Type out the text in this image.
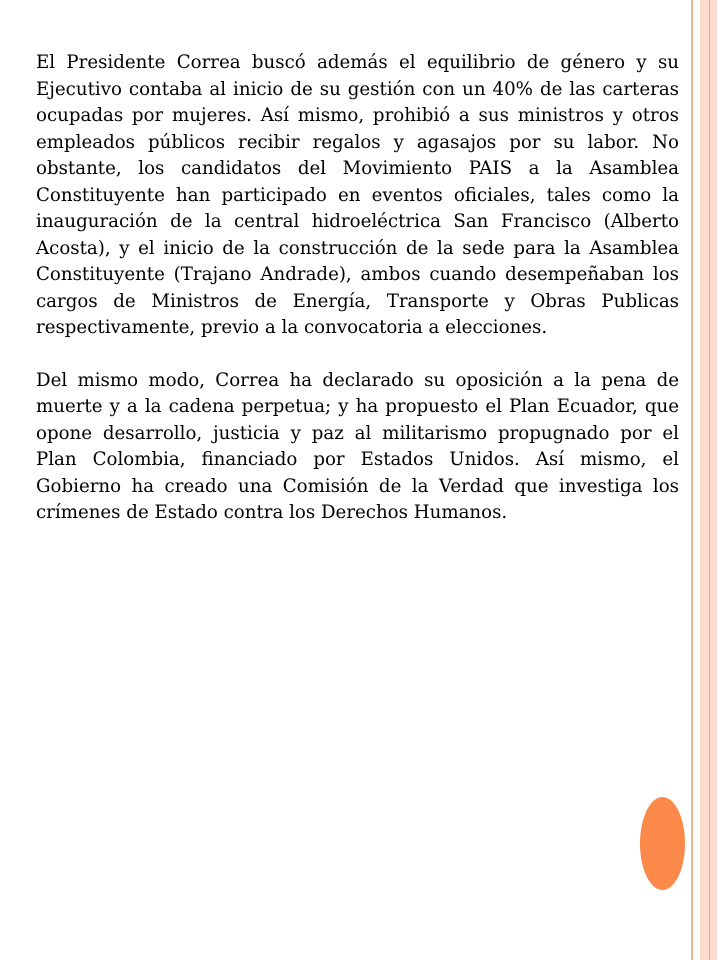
El Presidente Correa buscó además el equilibrio de género y su Ejecutivo contaba al inicio de su gestión con un 40% de las carteras ocupadas por mujeres. Así mismo, prohibió a sus ministros y otros empleados públicos recibir regalos y agasajos por su labor. No obstante, los candidatos del Movimiento PAIS a la Asamblea Constituyente han participado en eventos oficiales, tales como la inauguración de la central hidroeléctrica San Francisco (Alberto Acosta), y el inicio de la construcción de la sede para la Asamblea Constituyente (Trajano Andrade), ambos cuando desempeñaban los cargos de Ministros de Energía, Transporte y Obras Publicas respectivamente, previo a la convocatoria a elecciones.

Del mismo modo, Correa ha declarado su oposición a la pena de muerte y a la cadena perpetua; y ha propuesto el Plan Ecuador, que opone desarrollo, justicia y paz al militarismo propugnado por el Plan Colombia, financiado por Estados Unidos. Así mismo, el Gobierno ha creado una Comisión de la Verdad que investiga los crímenes de Estado contra los Derechos Humanos.
